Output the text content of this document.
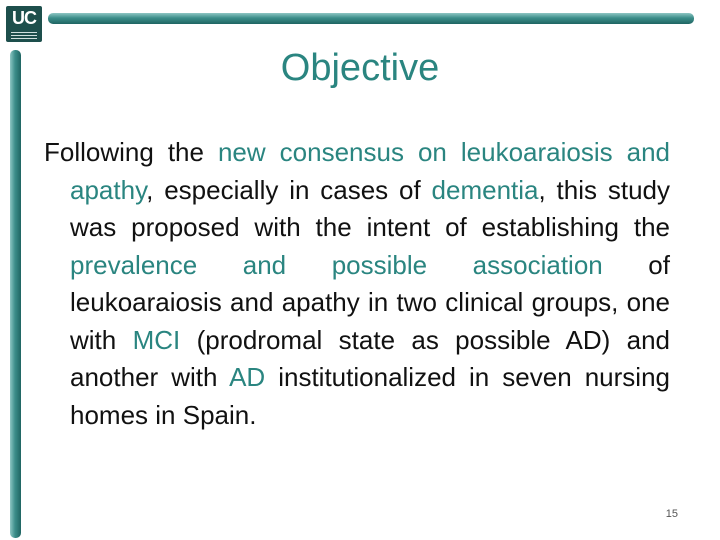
UC
Objective

Following the new consensus on leukoaraiosis and apathy, especially in cases of dementia, this study was proposed with the intent of establishing the prevalence and possible association of leukoaraiosis and apathy in two clinical groups, one with MCI (prodromal state as possible AD) and another with AD institutionalized in seven nursing homes in Spain.

15
